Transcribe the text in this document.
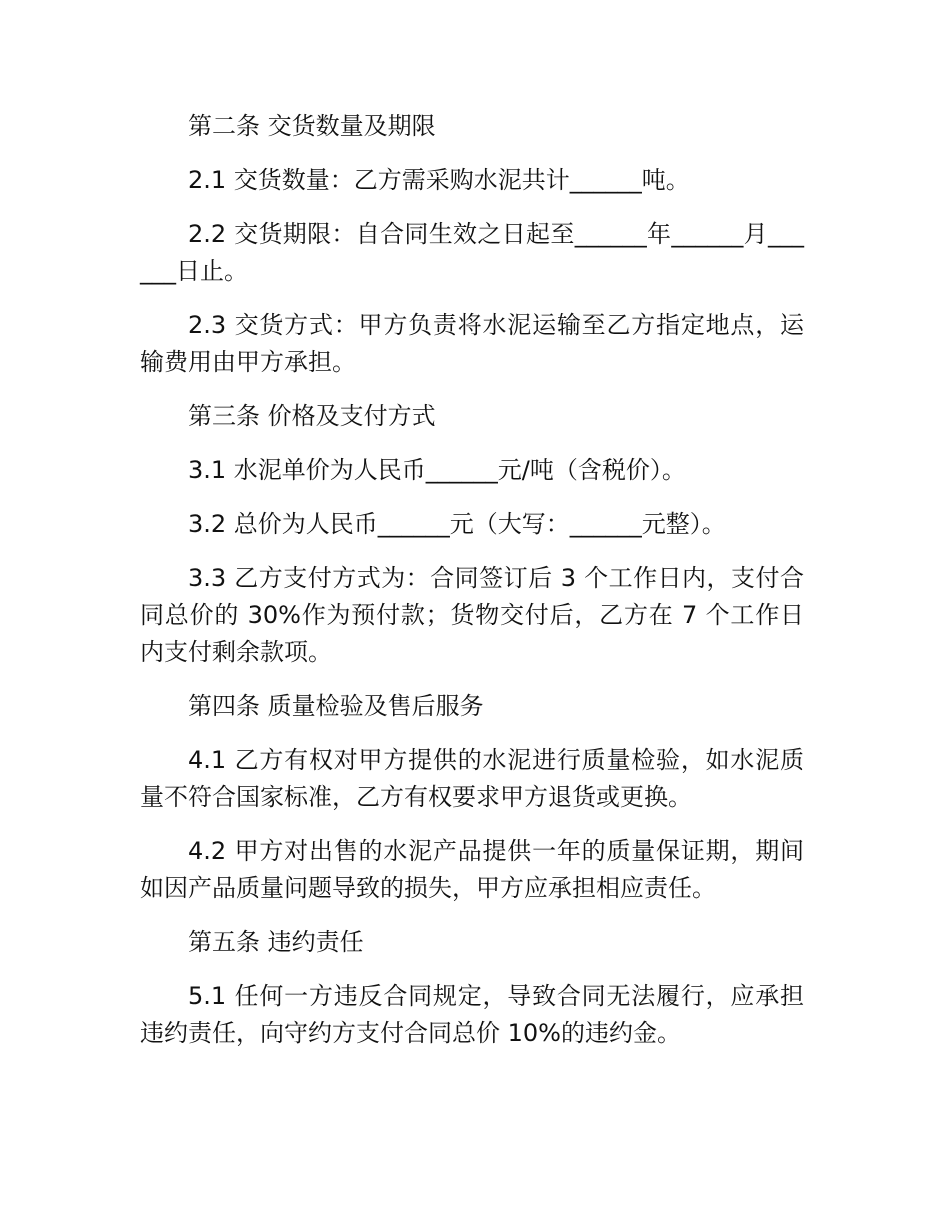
第二条 交货数量及期限

2.1 交货数量：乙方需采购水泥共计______吨。

2.2 交货期限：自合同生效之日起至______年______月______日止。

2.3 交货方式：甲方负责将水泥运输至乙方指定地点，运输费用由甲方承担。

第三条 价格及支付方式

3.1 水泥单价为人民币______元/吨（含税价）。

3.2 总价为人民币______元（大写：______元整）。

3.3 乙方支付方式为：合同签订后 3 个工作日内，支付合同总价的 30%作为预付款；货物交付后，乙方在 7 个工作日内支付剩余款项。

第四条 质量检验及售后服务

4.1 乙方有权对甲方提供的水泥进行质量检验，如水泥质量不符合国家标准，乙方有权要求甲方退货或更换。

4.2 甲方对出售的水泥产品提供一年的质量保证期，期间如因产品质量问题导致的损失，甲方应承担相应责任。

第五条 违约责任

5.1 任何一方违反合同规定，导致合同无法履行，应承担违约责任，向守约方支付合同总价 10%的违约金。
